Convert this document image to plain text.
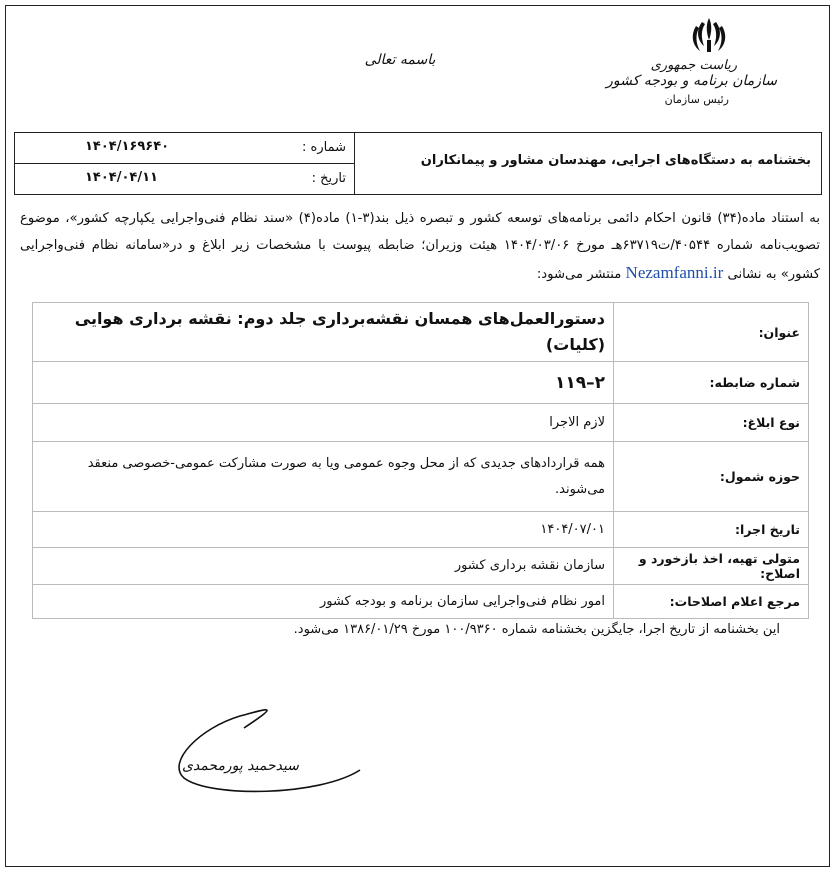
باسمه تعالی	ریاست جمهوری
سازمان برنامه و بودجه کشور
رئیس سازمان
بخشنامه به دستگاه‌های اجرایی، مهندسان مشاور و پیمانکاران
شماره :
۱۴۰۴/۱۶۹۶۴۰
تاریخ :
۱۴۰۴/۰۴/۱۱
به استناد ماده(۳۴) قانون احکام دائمی برنامه‌های توسعه کشور و تبصره ذیل بند(۳-۱) ماده(۴) «سند نظام فنی‌واجرایی یکپارچه کشور»، موضوع تصویب‌نامه شماره ۴۰۵۴۴/ت۶۳۷۱۹هـ مورخ ۱۴۰۴/۰۳/۰۶ هیئت وزیران؛ ضابطه پیوست با مشخصات زیر ابلاغ و در«سامانه نظام فنی‌واجرایی کشور» به نشانی Nezamfanni.ir منتشر می‌شود:
عنوان:	دستورالعمل‌های همسان نقشه‌برداری جلد دوم: نقشه برداری هوایی (کلیات)
شماره ضابطه:	۲–۱۱۹
نوع ابلاغ:	لازم الاجرا
حوزه شمول:	همه قراردادهای جدیدی که از محل وجوه عمومی ویا به صورت مشارکت عمومی-خصوصی منعقد می‌شوند.
تاریخ اجرا:	۱۴۰۴/۰۷/۰۱
متولی تهیه، اخذ بازخورد و اصلاح:	سازمان نقشه برداری کشور
مرجع اعلام اصلاحات:	امور نظام فنی‌واجرایی سازمان برنامه و بودجه کشور
این بخشنامه از تاریخ اجرا، جایگزین بخشنامه شماره ۱۰۰/۹۳۶۰ مورخ ۱۳۸۶/۰۱/۲۹ می‌شود.
سیدحمید پورمحمدی
